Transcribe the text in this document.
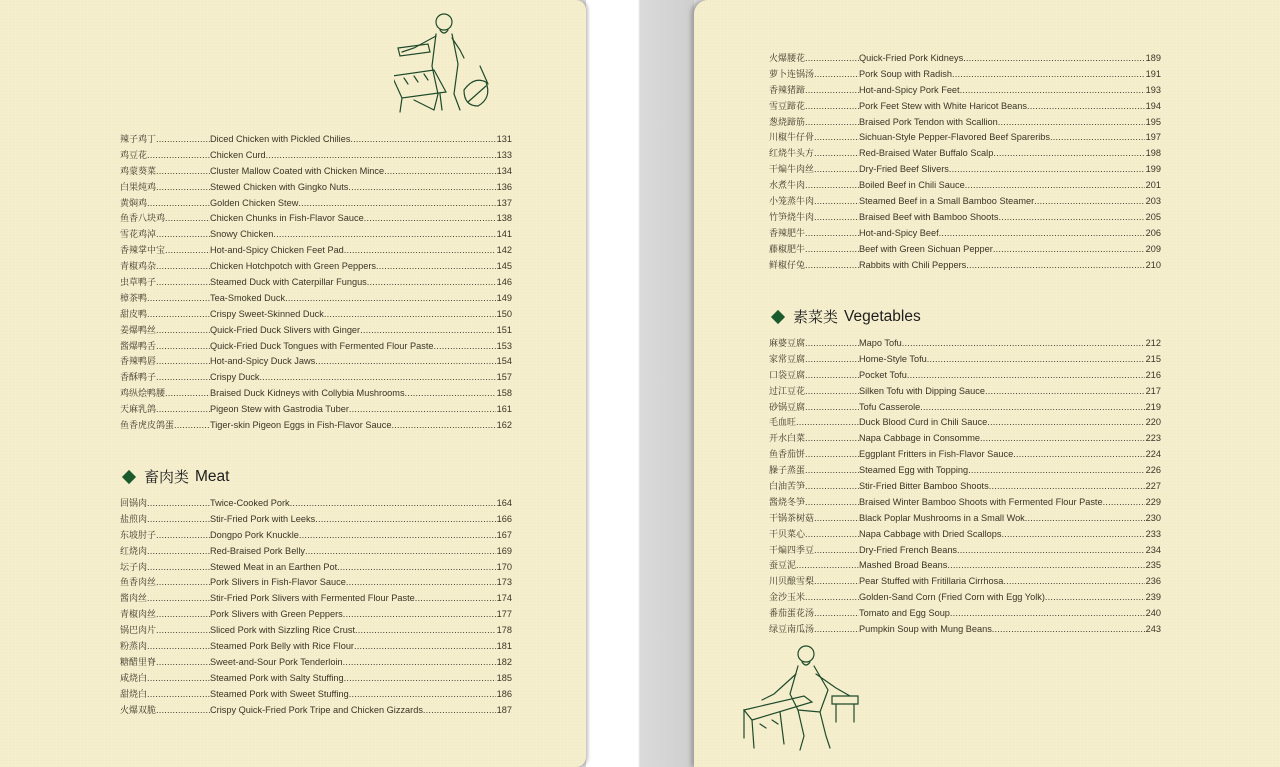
辣子鸡丁 .....	Diced Chicken with Pickled Chilies .....	131
鸡豆花 .....	Chicken Curd .....	133
鸡蒙葵菜 .....	Cluster Mallow Coated with Chicken Mince .....	134
白果炖鸡 .....	Stewed Chicken with Gingko Nuts .....	136
黄焖鸡 .....	Golden Chicken Stew .....	137
鱼香八块鸡 .....	Chicken Chunks in Fish-Flavor Sauce .....	138
雪花鸡淖 .....	Snowy Chicken .....	141
香辣掌中宝 .....	Hot-and-Spicy Chicken Feet Pad .....	142
青椒鸡杂 .....	Chicken Hotchpotch with Green Peppers .....	145
虫草鸭子 .....	Steamed Duck with Caterpillar Fungus .....	146
樟茶鸭 .....	Tea-Smoked Duck .....	149
甜皮鸭 .....	Crispy Sweet-Skinned Duck .....	150
姜爆鸭丝 .....	Quick-Fried Duck Slivers with Ginger .....	151
酱爆鸭舌 .....	Quick-Fried Duck Tongues with Fermented Flour Paste .....	153
香辣鸭唇 .....	Hot-and-Spicy Duck Jaws .....	154
香酥鸭子 .....	Crispy Duck .....	157
鸡纵烩鸭腰 .....	Braised Duck Kidneys with Collybia Mushrooms .....	158
天麻乳鸽 .....	Pigeon Stew with Gastrodia Tuber .....	161
鱼香虎皮鸽蛋 .....	Tiger-skin Pigeon Eggs in Fish-Flavor Sauce .....	162
畜肉类 Meat
回锅肉 .....	Twice-Cooked Pork .....	164
盐煎肉 .....	Stir-Fried Pork with Leeks .....	166
东坡肘子 .....	Dongpo Pork Knuckle .....	167
红烧肉 .....	Red-Braised Pork Belly .....	169
坛子肉 .....	Stewed Meat in an Earthen Pot .....	170
鱼香肉丝 .....	Pork Slivers in Fish-Flavor Sauce .....	173
酱肉丝 .....	Stir-Fried Pork Slivers with Fermented Flour Paste .....	174
青椒肉丝 .....	Pork Slivers with Green Peppers .....	177
锅巴肉片 .....	Sliced Pork with Sizzling Rice Crust .....	178
粉蒸肉 .....	Steamed Pork Belly with Rice Flour .....	181
糖醋里脊 .....	Sweet-and-Sour Pork Tenderloin .....	182
咸烧白 .....	Steamed Pork with Salty Stuffing .....	185
甜烧白 .....	Steamed Pork with Sweet Stuffing .....	186
火爆双脆 .....	Crispy Quick-Fried Pork Tripe and Chicken Gizzards .....	187
火爆腰花 .....	Quick-Fried Pork Kidneys .....	189
萝卜连锅汤 .....	Pork Soup with Radish .....	191
香辣猪蹄 .....	Hot-and-Spicy Pork Feet .....	193
雪豆蹄花 .....	Pork Feet Stew with White Haricot Beans .....	194
葱烧蹄筋 .....	Braised Pork Tendon with Scallion .....	195
川椒牛仔骨 .....	Sichuan-Style Pepper-Flavored Beef Spareribs .....	197
红烧牛头方 .....	Red-Braised Water Buffalo Scalp .....	198
干煸牛肉丝 .....	Dry-Fried Beef Slivers .....	199
水煮牛肉 .....	Boiled Beef in Chili Sauce .....	201
小笼蒸牛肉 .....	Steamed Beef in a Small Bamboo Steamer .....	203
竹笋烧牛肉 .....	Braised Beef with Bamboo Shoots .....	205
香辣肥牛 .....	Hot-and-Spicy Beef .....	206
藤椒肥牛 .....	Beef with Green Sichuan Pepper .....	209
鲜椒仔兔 .....	Rabbits with Chili Peppers .....	210
素菜类 Vegetables
麻婆豆腐 .....	Mapo Tofu .....	212
家常豆腐 .....	Home-Style Tofu .....	215
口袋豆腐 .....	Pocket Tofu .....	216
过江豆花 .....	Silken Tofu with Dipping Sauce .....	217
砂锅豆腐 .....	Tofu Casserole .....	219
毛血旺 .....	Duck Blood Curd in Chili Sauce .....	220
开水白菜 .....	Napa Cabbage in Consomme .....	223
鱼香茄饼 .....	Eggplant Fritters in Fish-Flavor Sauce .....	224
臊子蒸蛋 .....	Steamed Egg with Topping .....	226
白油苦笋 .....	Stir-Fried Bitter Bamboo Shoots .....	227
酱烧冬笋 .....	Braised Winter Bamboo Shoots with Fermented Flour Paste .....	229
干锅茶树菇 .....	Black Poplar Mushrooms in a Small Wok .....	230
干贝菜心 .....	Napa Cabbage with Dried Scallops .....	233
干煸四季豆 .....	Dry-Fried French Beans .....	234
蚕豆泥 .....	Mashed Broad Beans .....	235
川贝酿雪梨 .....	Pear Stuffed with Fritillaria Cirrhosa .....	236
金沙玉米 .....	Golden-Sand Corn (Fried Corn with Egg Yolk) .....	239
番茄蛋花汤 .....	Tomato and Egg Soup .....	240
绿豆南瓜汤 .....	Pumpkin Soup with Mung Beans .....	243
